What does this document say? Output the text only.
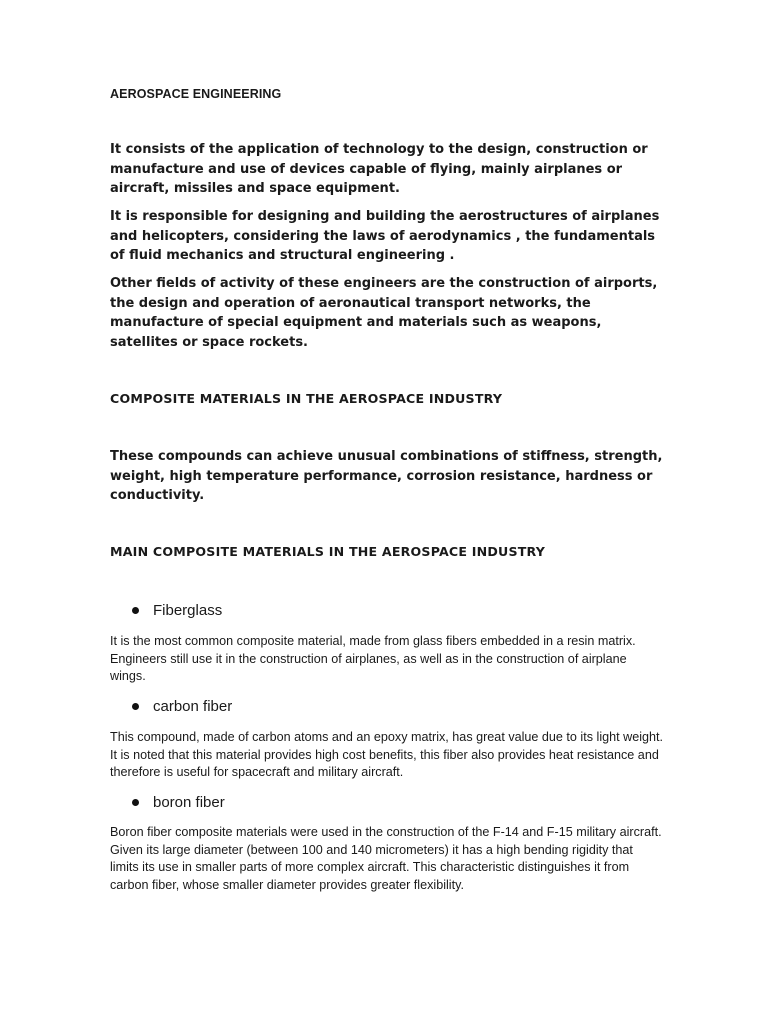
AEROSPACE ENGINEERING

It consists of the application of technology to the design, construction or manufacture and use of devices capable of flying, mainly airplanes or aircraft, missiles and space equipment.

It is responsible for designing and building the aerostructures of airplanes and helicopters, considering the laws of aerodynamics , the fundamentals of fluid mechanics and structural engineering .

Other fields of activity of these engineers are the construction of airports, the design and operation of aeronautical transport networks, the manufacture of special equipment and materials such as weapons, satellites or space rockets.

COMPOSITE MATERIALS IN THE AEROSPACE INDUSTRY

These compounds can achieve unusual combinations of stiffness, strength, weight, high temperature performance, corrosion resistance, hardness or conductivity.

MAIN COMPOSITE MATERIALS IN THE AEROSPACE INDUSTRY
Fiberglass

It is the most common composite material, made from glass fibers embedded in a resin matrix. Engineers still use it in the construction of airplanes, as well as in the construction of airplane wings.

carbon fiber

This compound, made of carbon atoms and an epoxy matrix, has great value due to its light weight. It is noted that this material provides high cost benefits, this fiber also provides heat resistance and therefore is useful for spacecraft and military aircraft.

boron fiber

Boron fiber composite materials were used in the construction of the F-14 and F-15 military aircraft. Given its large diameter (between 100 and 140 micrometers) it has a high bending rigidity that limits its use in smaller parts of more complex aircraft. This characteristic distinguishes it from carbon fiber, whose smaller diameter provides greater flexibility.
